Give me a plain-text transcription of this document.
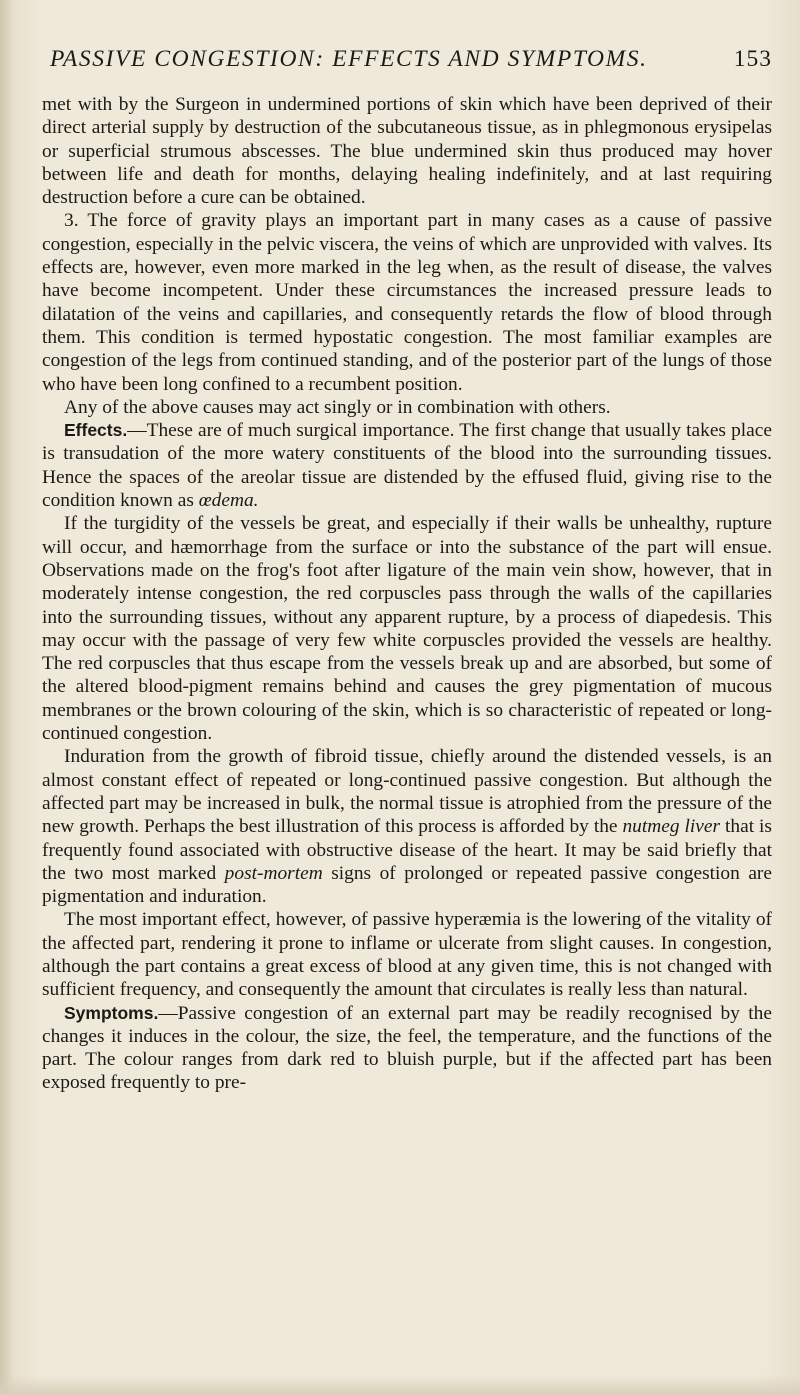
PASSIVE CONGESTION: EFFECTS AND SYMPTOMS.	153

met with by the Surgeon in undermined portions of skin which have been deprived of their direct arterial supply by destruction of the subcutaneous tissue, as in phlegmonous erysipelas or superficial strumous abscesses. The blue undermined skin thus produced may hover between life and death for months, delaying healing indefinitely, and at last requiring destruction before a cure can be obtained.

3. The force of gravity plays an important part in many cases as a cause of passive congestion, especially in the pelvic viscera, the veins of which are unprovided with valves. Its effects are, however, even more marked in the leg when, as the result of disease, the valves have become incompetent. Under these circumstances the increased pressure leads to dilatation of the veins and capillaries, and consequently retards the flow of blood through them. This condition is termed hypostatic congestion. The most familiar examples are congestion of the legs from continued standing, and of the posterior part of the lungs of those who have been long confined to a recumbent position.

Any of the above causes may act singly or in combination with others.

Effects.—These are of much surgical importance. The first change that usually takes place is transudation of the more watery constituents of the blood into the surrounding tissues. Hence the spaces of the areolar tissue are distended by the effused fluid, giving rise to the condition known as œdema.

If the turgidity of the vessels be great, and especially if their walls be unhealthy, rupture will occur, and hæmorrhage from the surface or into the substance of the part will ensue. Observations made on the frog's foot after ligature of the main vein show, however, that in moderately intense congestion, the red corpuscles pass through the walls of the capillaries into the surrounding tissues, without any apparent rupture, by a process of diapedesis. This may occur with the passage of very few white corpuscles provided the vessels are healthy. The red corpuscles that thus escape from the vessels break up and are absorbed, but some of the altered blood-pigment remains behind and causes the grey pigmentation of mucous membranes or the brown colouring of the skin, which is so characteristic of repeated or long-continued congestion.

Induration from the growth of fibroid tissue, chiefly around the distended vessels, is an almost constant effect of repeated or long-continued passive congestion. But although the affected part may be increased in bulk, the normal tissue is atrophied from the pressure of the new growth. Perhaps the best illustration of this process is afforded by the nutmeg liver that is frequently found associated with obstructive disease of the heart. It may be said briefly that the two most marked post-mortem signs of prolonged or repeated passive congestion are pigmentation and induration.

The most important effect, however, of passive hyperæmia is the lowering of the vitality of the affected part, rendering it prone to inflame or ulcerate from slight causes. In congestion, although the part contains a great excess of blood at any given time, this is not changed with sufficient frequency, and consequently the amount that circulates is really less than natural.

Symptoms.—Passive congestion of an external part may be readily recognised by the changes it induces in the colour, the size, the feel, the temperature, and the functions of the part. The colour ranges from dark red to bluish purple, but if the affected part has been exposed frequently to pre-
